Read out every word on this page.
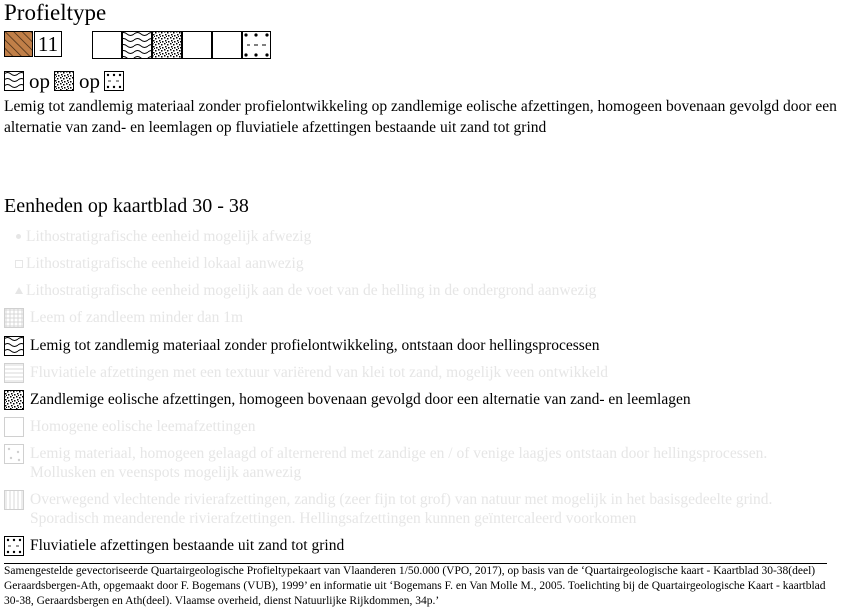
Profieltype
11
op op
Lemig tot zandlemig materiaal zonder profielontwikkeling op zandlemige eolische afzettingen, homogeen bovenaan gevolgd door een alternatie van zand- en leemlagen op fluviatiele afzettingen bestaande uit zand tot grind
Eenheden op kaartblad 30 - 38
Lithostratigrafische eenheid mogelijk afwezig
Lithostratigrafische eenheid lokaal aanwezig
Lithostratigrafische eenheid mogelijk aan de voet van de helling in de ondergrond aanwezig
Leem of zandleem minder dan 1m
Lemig tot zandlemig materiaal zonder profielontwikkeling, ontstaan door hellingsprocessen
Fluviatiele afzettingen met een textuur variërend van klei tot zand, mogelijk veen ontwikkeld
Zandlemige eolische afzettingen, homogeen bovenaan gevolgd door een alternatie van zand- en leemlagen
Homogene eolische leemafzettingen
Lemig materiaal, homogeen gelaagd of alternerend met zandige en / of venige laagjes ontstaan door hellingsprocessen. Mollusken en veenspots mogelijk aanwezig
Overwegend vlechtende rivierafzettingen, zandig (zeer fijn tot grof) van natuur met mogelijk in het basisgedeelte grind. Sporadisch meanderende rivierafzettingen. Hellingsafzettingen kunnen geïntercaleerd voorkomen
Fluviatiele afzettingen bestaande uit zand tot grind
Samengestelde gevectoriseerde Quartairgeologische Profieltypekaart van Vlaanderen 1/50.000 (VPO, 2017), op basis van de ‘Quartairgeologische kaart - Kaartblad 30-38(deel) Geraardsbergen-Ath, opgemaakt door F. Bogemans (VUB), 1999’ en informatie uit ‘Bogemans F. en Van Molle M., 2005. Toelichting bij de Quartairgeologische Kaart - kaartblad 30-38, Geraardsbergen en Ath(deel). Vlaamse overheid, dienst Natuurlijke Rijkdommen, 34p.’
